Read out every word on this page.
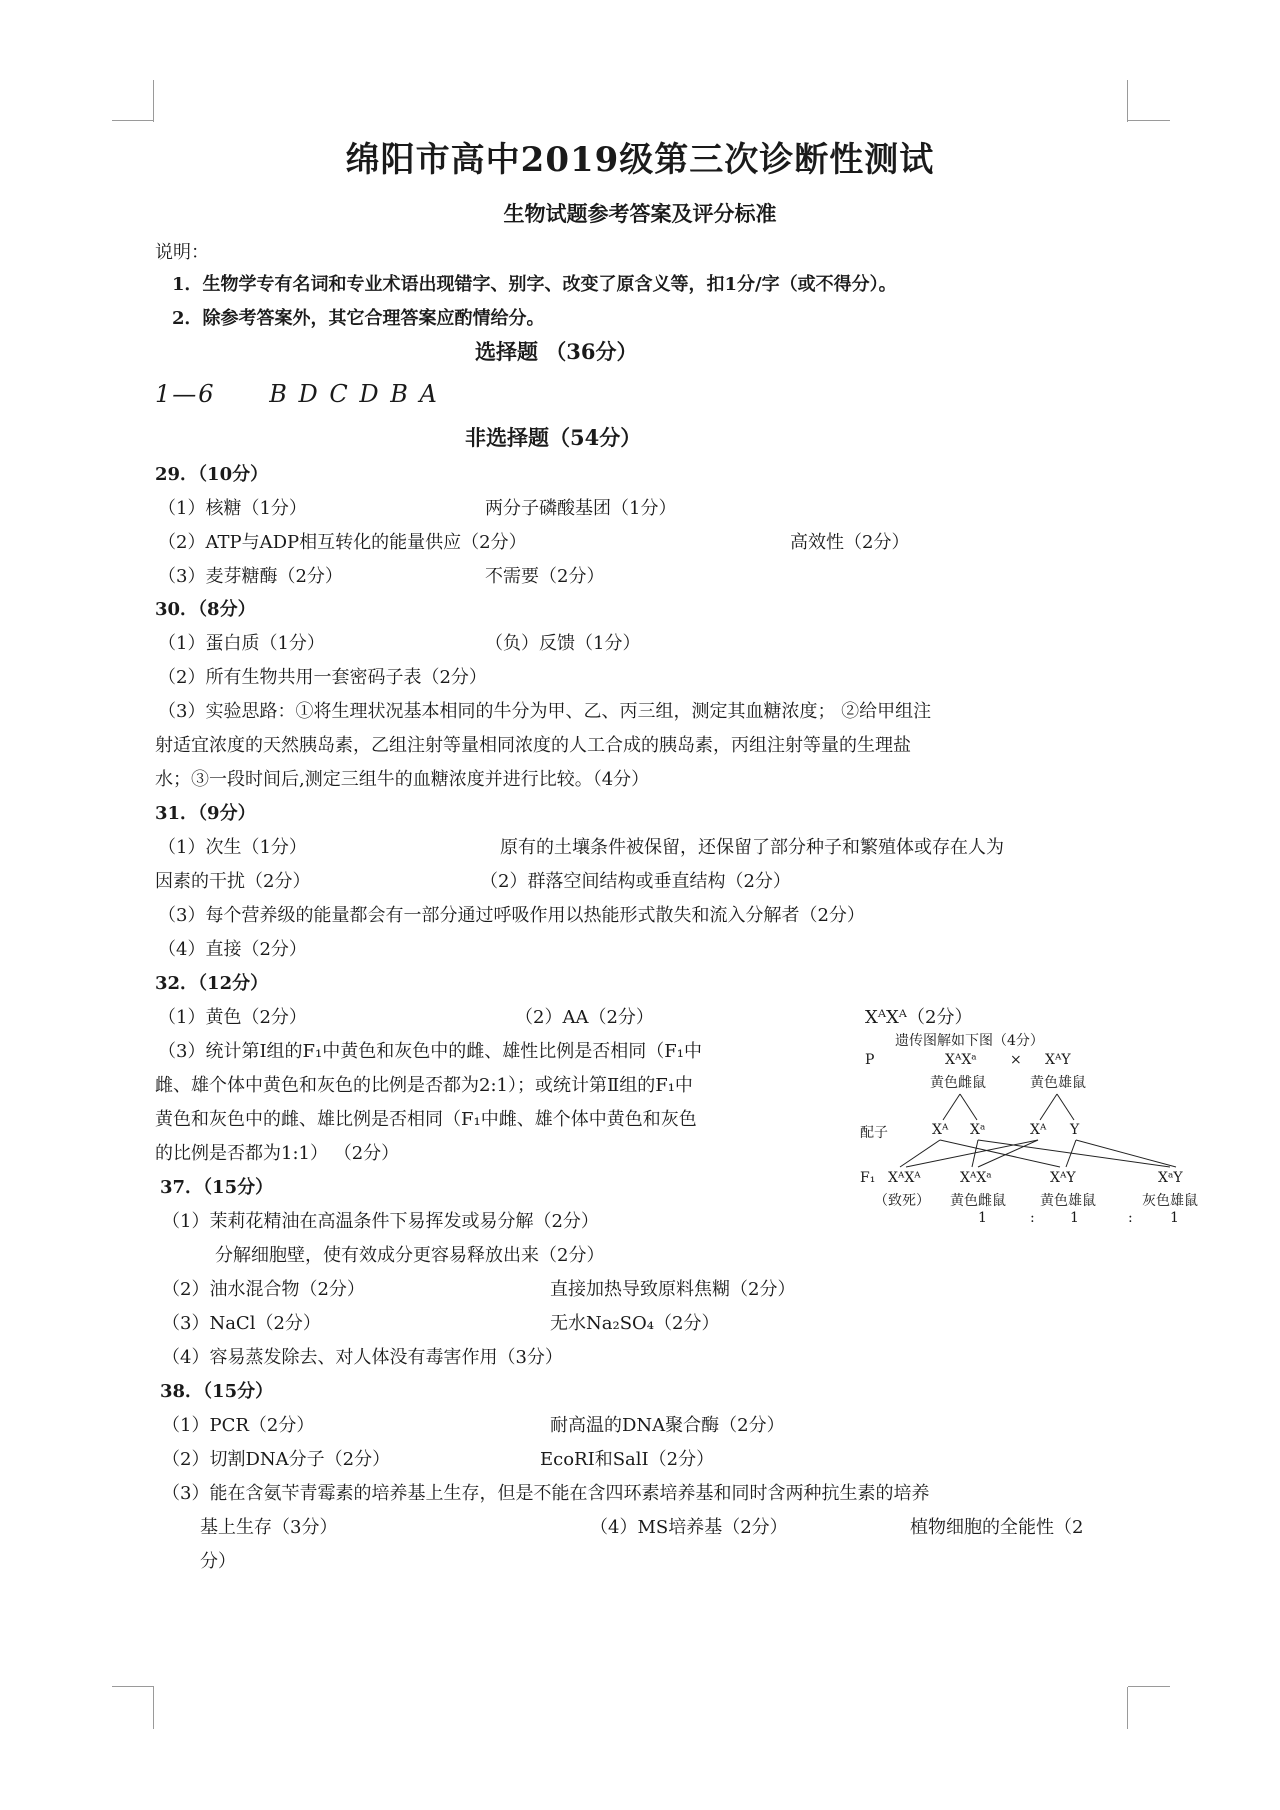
绵阳市高中2019级第三次诊断性测试
生物试题参考答案及评分标准
说明：
1．生物学专有名词和专业术语出现错字、别字、改变了原含义等，扣1分/字（或不得分）。
2．除参考答案外，其它合理答案应酌情给分。
选择题 （36分）
1—6 B D C D B A
非选择题（54分）
29．（10分）
（1）核糖（1分）	两分子磷酸基团（1分）
（2）ATP与ADP相互转化的能量供应（2分）	高效性（2分）
（3）麦芽糖酶（2分）	不需要（2分）
30．（8分）
（1）蛋白质（1分）	（负）反馈（1分）
（2）所有生物共用一套密码子表（2分）
（3）实验思路：①将生理状况基本相同的牛分为甲、乙、丙三组，测定其血糖浓度； ②给甲组注
射适宜浓度的天然胰岛素，乙组注射等量相同浓度的人工合成的胰岛素，丙组注射等量的生理盐
水；③一段时间后,测定三组牛的血糖浓度并进行比较。（4分）
31．（9分）
（1）次生（1分）	原有的土壤条件被保留，还保留了部分种子和繁殖体或存在人为
因素的干扰（2分）	（2）群落空间结构或垂直结构（2分）
（3）每个营养级的能量都会有一部分通过呼吸作用以热能形式散失和流入分解者（2分）
（4）直接（2分）
32．（12分）
（1）黄色（2分）	（2）AA（2分）	XᴬXᴬ（2分）
（3）统计第Ⅰ组的F₁中黄色和灰色中的雌、雄性比例是否相同（F₁中
雌、雄个体中黄色和灰色的比例是否都为2:1）；或统计第Ⅱ组的F₁中
黄色和灰色中的雌、雄比例是否相同（F₁中雌、雄个体中黄色和灰色
的比例是否都为1:1） （2分）
遗传图解如下图（4分）
P	XᴬXᵃ × XᴬY
黄色雌鼠	黄色雄鼠
配子	Xᴬ Xᵃ	Xᴬ Y
F₁ XᴬXᴬ	XᴬXᵃ	XᴬY	XᵃY
（致死） 黄色雌鼠 黄色雄鼠	灰色雄鼠
1	:	1	:	1
37．（15分）
（1）茉莉花精油在高温条件下易挥发或易分解（2分）
分解细胞壁，使有效成分更容易释放出来（2分）
（2）油水混合物（2分）	直接加热导致原料焦糊（2分）
（3）NaCl（2分）	无水Na₂SO₄（2分）
（4）容易蒸发除去、对人体没有毒害作用（3分）
38．（15分）
（1）PCR（2分）	耐高温的DNA聚合酶（2分）
（2）切割DNA分子（2分）	EcoRⅠ和SalⅠ（2分）
（3）能在含氨苄青霉素的培养基上生存，但是不能在含四环素培养基和同时含两种抗生素的培养
基上生存（3分）	（4）MS培养基（2分）	植物细胞的全能性（2
分）
